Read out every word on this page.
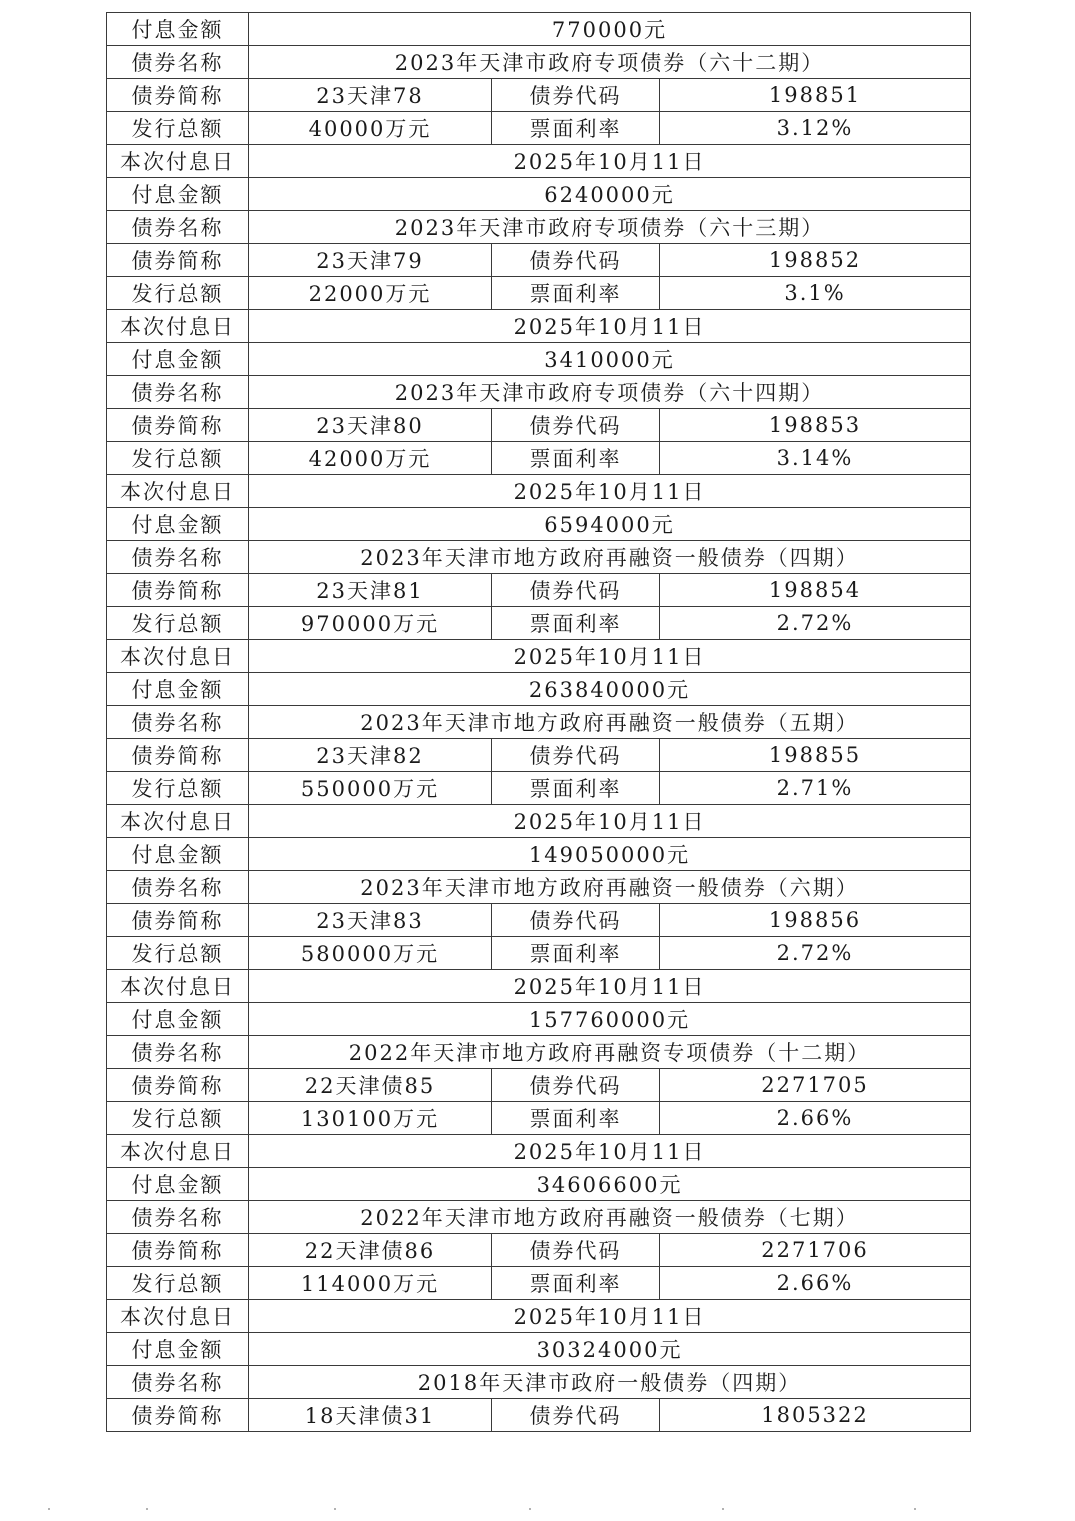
付息金额	770000元		
债券名称	2023年天津市政府专项债券（六十二期）		
债券简称	23天津78	债券代码	198851
发行总额	40000万元	票面利率	3.12%
本次付息日	2025年10月11日		
付息金额	6240000元		
债券名称	2023年天津市政府专项债券（六十三期）		
债券简称	23天津79	债券代码	198852
发行总额	22000万元	票面利率	3.1%
本次付息日	2025年10月11日		
付息金额	3410000元		
债券名称	2023年天津市政府专项债券（六十四期）		
债券简称	23天津80	债券代码	198853
发行总额	42000万元	票面利率	3.14%
本次付息日	2025年10月11日		
付息金额	6594000元		
债券名称	2023年天津市地方政府再融资一般债券（四期）		
债券简称	23天津81	债券代码	198854
发行总额	970000万元	票面利率	2.72%
本次付息日	2025年10月11日		
付息金额	263840000元		
债券名称	2023年天津市地方政府再融资一般债券（五期）		
债券简称	23天津82	债券代码	198855
发行总额	550000万元	票面利率	2.71%
本次付息日	2025年10月11日		
付息金额	149050000元		
债券名称	2023年天津市地方政府再融资一般债券（六期）		
债券简称	23天津83	债券代码	198856
发行总额	580000万元	票面利率	2.72%
本次付息日	2025年10月11日		
付息金额	157760000元		
债券名称	2022年天津市地方政府再融资专项债券（十二期）		
债券简称	22天津债85	债券代码	2271705
发行总额	130100万元	票面利率	2.66%
本次付息日	2025年10月11日		
付息金额	34606600元		
债券名称	2022年天津市地方政府再融资一般债券（七期）		
债券简称	22天津债86	债券代码	2271706
发行总额	114000万元	票面利率	2.66%
本次付息日	2025年10月11日		
付息金额	30324000元		
债券名称	2018年天津市政府一般债券（四期）		
债券简称	18天津债31	债券代码	1805322
